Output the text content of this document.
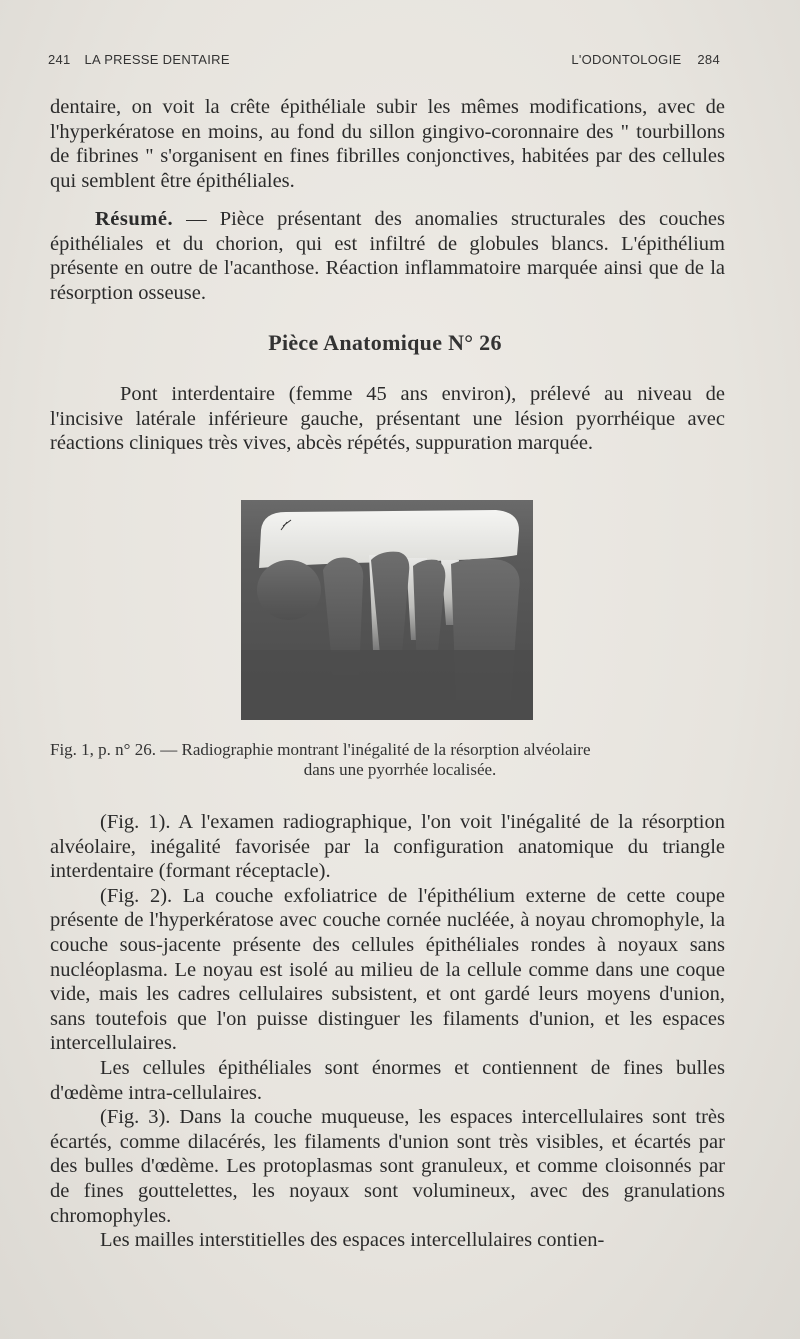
241 LA PRESSE DENTAIRE	L'ODONTOLOGIE 284
dentaire, on voit la crête épithéliale subir les mêmes modifications, avec de l'hyperkératose en moins, au fond du sillon gingivo-coronnaire des " tourbillons de fibrines " s'organisent en fines fibrilles conjonctives, habitées par des cellules qui semblent être épithéliales.
Résumé. — Pièce présentant des anomalies structurales des couches épithéliales et du chorion, qui est infiltré de globules blancs. L'épithélium présente en outre de l'acanthose. Réaction inflammatoire marquée ainsi que de la résorption osseuse.
Pièce Anatomique N° 26
Pont interdentaire (femme 45 ans environ), prélevé au niveau de l'incisive latérale inférieure gauche, présentant une lésion pyorrhéique avec réactions cliniques très vives, abcès répétés, suppuration marquée.
Fig. 1, p. n° 26. — Radiographie montrant l'inégalité de la résorption alvéolaire
dans une pyorrhée localisée.

(Fig. 1). A l'examen radiographique, l'on voit l'inégalité de la résorption alvéolaire, inégalité favorisée par la configuration anatomique du triangle interdentaire (formant réceptacle).

(Fig. 2). La couche exfoliatrice de l'épithélium externe de cette coupe présente de l'hyperkératose avec couche cornée nucléée, à noyau chromophyle, la couche sous-jacente présente des cellules épithéliales rondes à noyaux sans nucléoplasma. Le noyau est isolé au milieu de la cellule comme dans une coque vide, mais les cadres cellulaires subsistent, et ont gardé leurs moyens d'union, sans toutefois que l'on puisse distinguer les filaments d'union, et les espaces intercellulaires.

Les cellules épithéliales sont énormes et contiennent de fines bulles d'œdème intra-cellulaires.

(Fig. 3). Dans la couche muqueuse, les espaces intercellulaires sont très écartés, comme dilacérés, les filaments d'union sont très visibles, et écartés par des bulles d'œdème. Les protoplasmas sont granuleux, et comme cloisonnés par de fines gouttelettes, les noyaux sont volumineux, avec des granulations chromophyles.

Les mailles interstitielles des espaces intercellulaires contien-
